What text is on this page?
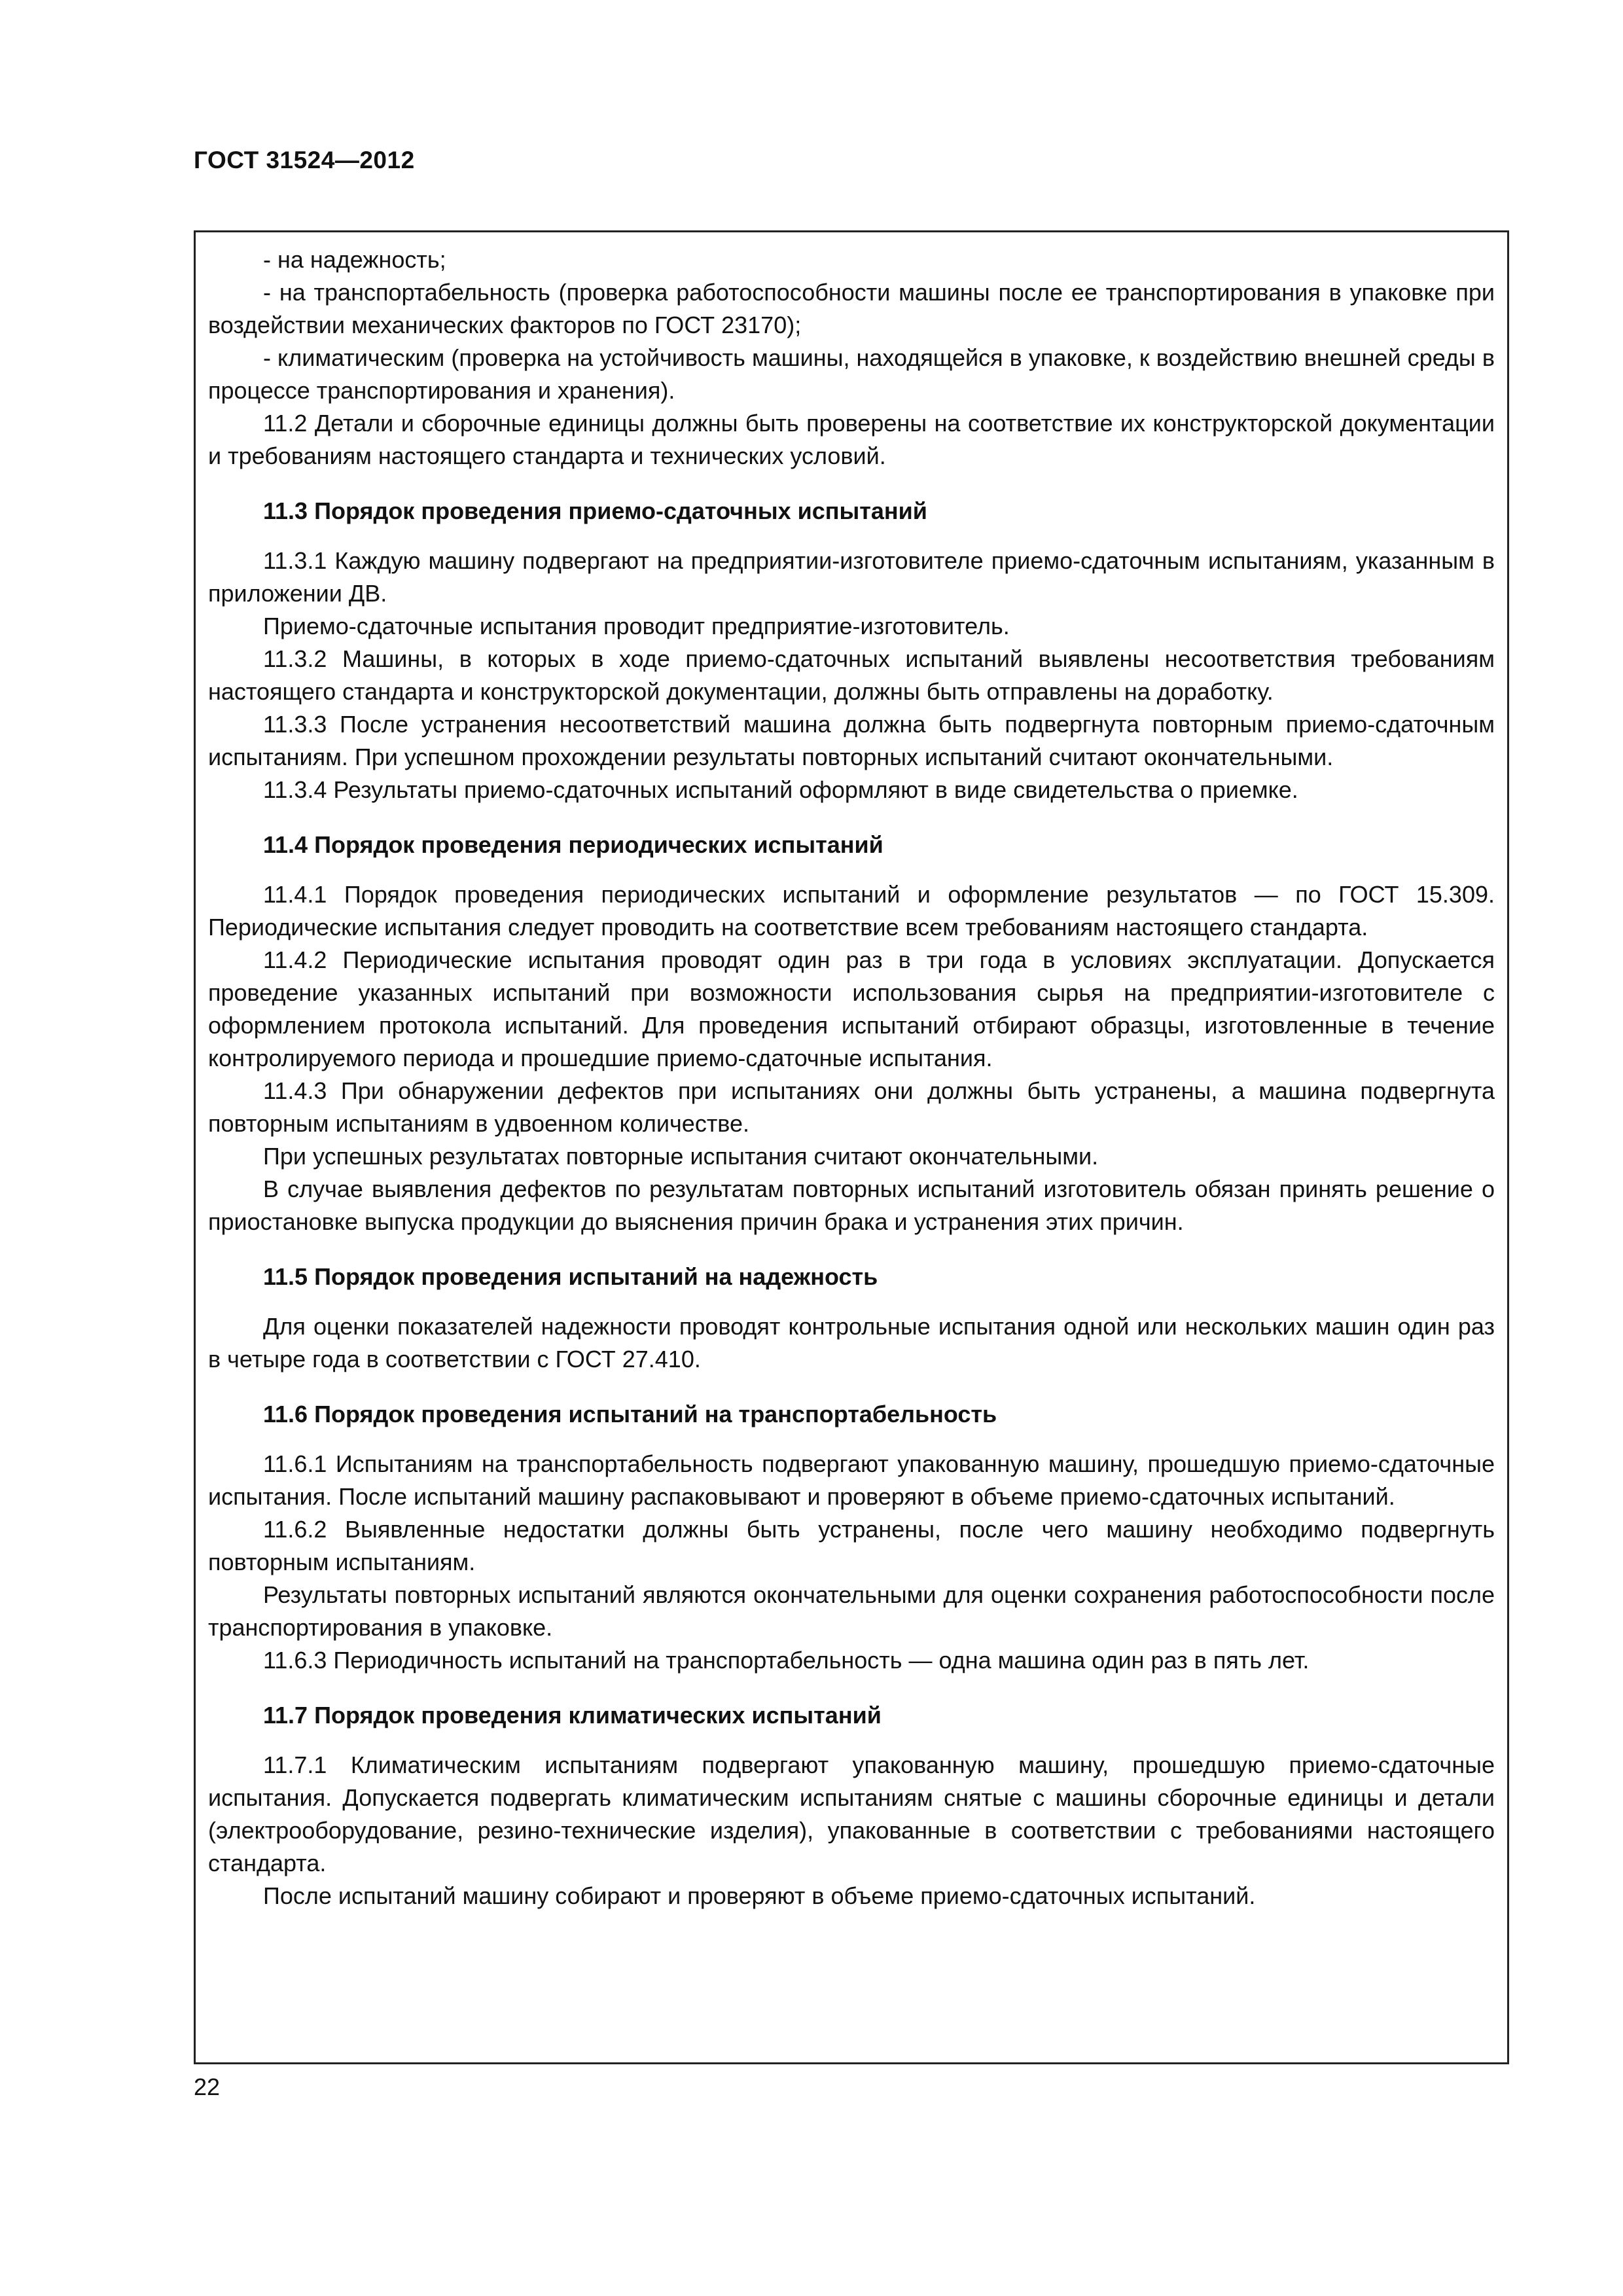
ГОСТ 31524—2012

- на надежность;

- на транспортабельность (проверка работоспособности машины после ее транспортирования в упаковке при воздействии механических факторов по ГОСТ 23170);

- климатическим (проверка на устойчивость машины, находящейся в упаковке, к воздействию внешней среды в процессе транспортирования и хранения).

11.2 Детали и сборочные единицы должны быть проверены на соответствие их конструкторской документации и требованиям настоящего стандарта и технических условий.

11.3 Порядок проведения приемо-сдаточных испытаний

11.3.1 Каждую машину подвергают на предприятии-изготовителе приемо-сдаточным испытаниям, указанным в приложении ДВ.

Приемо-сдаточные испытания проводит предприятие-изготовитель.

11.3.2 Машины, в которых в ходе приемо-сдаточных испытаний выявлены несоответствия требованиям настоящего стандарта и конструкторской документации, должны быть отправлены на доработку.

11.3.3 После устранения несоответствий машина должна быть подвергнута повторным приемо-сдаточным испытаниям. При успешном прохождении результаты повторных испытаний считают окончательными.

11.3.4 Результаты приемо-сдаточных испытаний оформляют в виде свидетельства о приемке.

11.4 Порядок проведения периодических испытаний

11.4.1 Порядок проведения периодических испытаний и оформление результатов — по ГОСТ 15.309. Периодические испытания следует проводить на соответствие всем требованиям настоящего стандарта.

11.4.2 Периодические испытания проводят один раз в три года в условиях эксплуатации. Допускается проведение указанных испытаний при возможности использования сырья на предприятии-изготовителе с оформлением протокола испытаний. Для проведения испытаний отбирают образцы, изготовленные в течение контролируемого периода и прошедшие приемо-сдаточные испытания.

11.4.3 При обнаружении дефектов при испытаниях они должны быть устранены, а машина подвергнута повторным испытаниям в удвоенном количестве.

При успешных результатах повторные испытания считают окончательными.

В случае выявления дефектов по результатам повторных испытаний изготовитель обязан принять решение о приостановке выпуска продукции до выяснения причин брака и устранения этих причин.

11.5 Порядок проведения испытаний на надежность

Для оценки показателей надежности проводят контрольные испытания одной или нескольких машин один раз в четыре года в соответствии с ГОСТ 27.410.

11.6 Порядок проведения испытаний на транспортабельность

11.6.1 Испытаниям на транспортабельность подвергают упакованную машину, прошедшую приемо-сдаточные испытания. После испытаний машину распаковывают и проверяют в объеме приемо-сдаточных испытаний.

11.6.2 Выявленные недостатки должны быть устранены, после чего машину необходимо подвергнуть повторным испытаниям.

Результаты повторных испытаний являются окончательными для оценки сохранения работоспособности после транспортирования в упаковке.

11.6.3 Периодичность испытаний на транспортабельность — одна машина один раз в пять лет.

11.7 Порядок проведения климатических испытаний

11.7.1 Климатическим испытаниям подвергают упакованную машину, прошедшую приемо-сдаточные испытания. Допускается подвергать климатическим испытаниям снятые с машины сборочные единицы и детали (электрооборудование, резино-технические изделия), упакованные в соответствии с требованиями настоящего стандарта.

После испытаний машину собирают и проверяют в объеме приемо-сдаточных испытаний.

22
